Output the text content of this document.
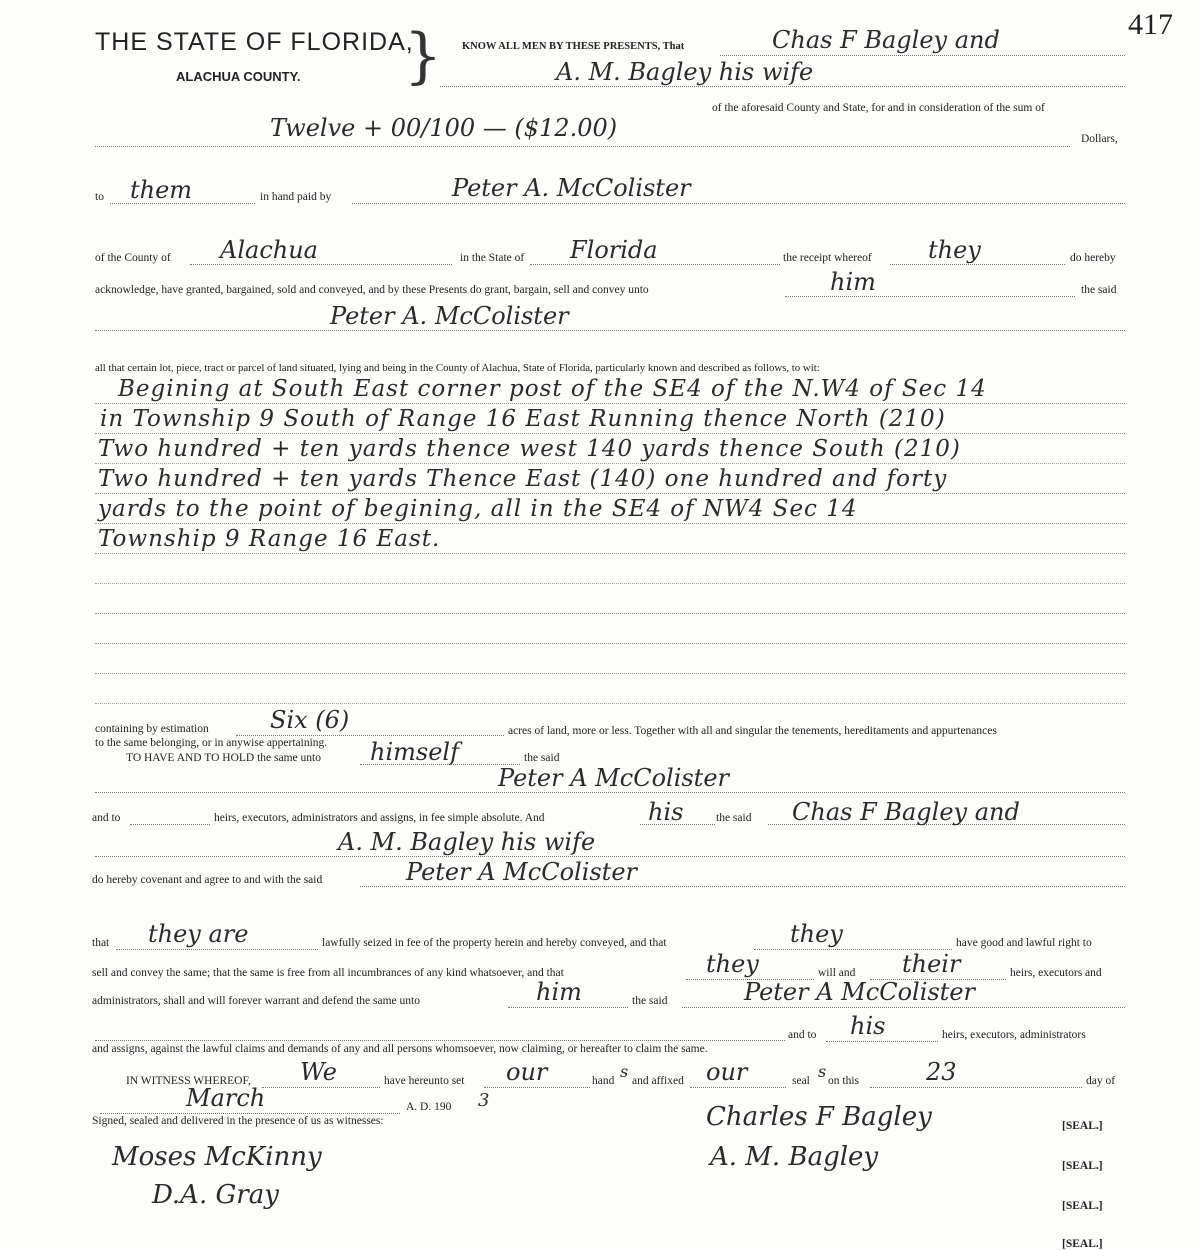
THE STATE OF FLORIDA,
ALACHUA COUNTY. }	417
KNOW ALL MEN BY THESE PRESENTS, That	Chas F Bagley and
A. M. Bagley his wife
of the aforesaid County and State, for and in consideration of the sum of
Twelve + 00/100 — ($12.00)	Dollars,
to them	in hand paid by	Peter A. McColister
of the County of Alachua	in the State of Florida	the receipt whereof they	do hereby
acknowledge, have granted, bargained, sold and conveyed, and by these Presents do grant, bargain, sell and convey unto	him	the said
Peter A. McColister
all that certain lot, piece, tract or parcel of land situated, lying and being in the County of Alachua, State of Florida, particularly known and described as follows, to wit:
Begining at South East corner post of the SE4 of the N.W4 of Sec 14
in Township 9 South of Range 16 East Running thence North (210)
Two hundred + ten yards thence west 140 yards thence South (210)
Two hundred + ten yards Thence East (140) one hundred and forty
yards to the point of begining, all in the SE4 of NW4 Sec 14
Township 9 Range 16 East.
containing by estimation	Six (6)	acres of land, more or less. Together with all and singular the tenements, hereditaments and appurtenances
to the same belonging, or in anywise appertaining.
TO HAVE AND TO HOLD the same unto himself	the said
Peter A McColister
and to	heirs, executors, administrators and assigns, in fee simple absolute. And	his	the said Chas F Bagley and
A. M. Bagley his wife
do hereby covenant and agree to and with the said	Peter A McColister
that they are	lawfully seized in fee of the property herein and hereby conveyed, and that	they	have good and lawful right to
sell and convey the same; that the same is free from all incumbrances of any kind whatsoever, and that	they	will and their	heirs, executors and
administrators, shall and will forever warrant and defend the same unto	him	the said	Peter A McColister
and to his	heirs, executors, administrators
and assigns, against the lawful claims and demands of any and all persons whomsoever, now claiming, or hereafter to claim the same.
IN WITNESS WHEREOF, We	have hereunto set our	hand s and affixed our	seal s on this	23	day of
March	A. D. 190 3
Signed, sealed and delivered in the presence of us as witnesses:
Moses McKinny
D.A. Gray
Charles F Bagley
A. M. Bagley
[SEAL.]
[SEAL.]
[SEAL.]
[SEAL.]
